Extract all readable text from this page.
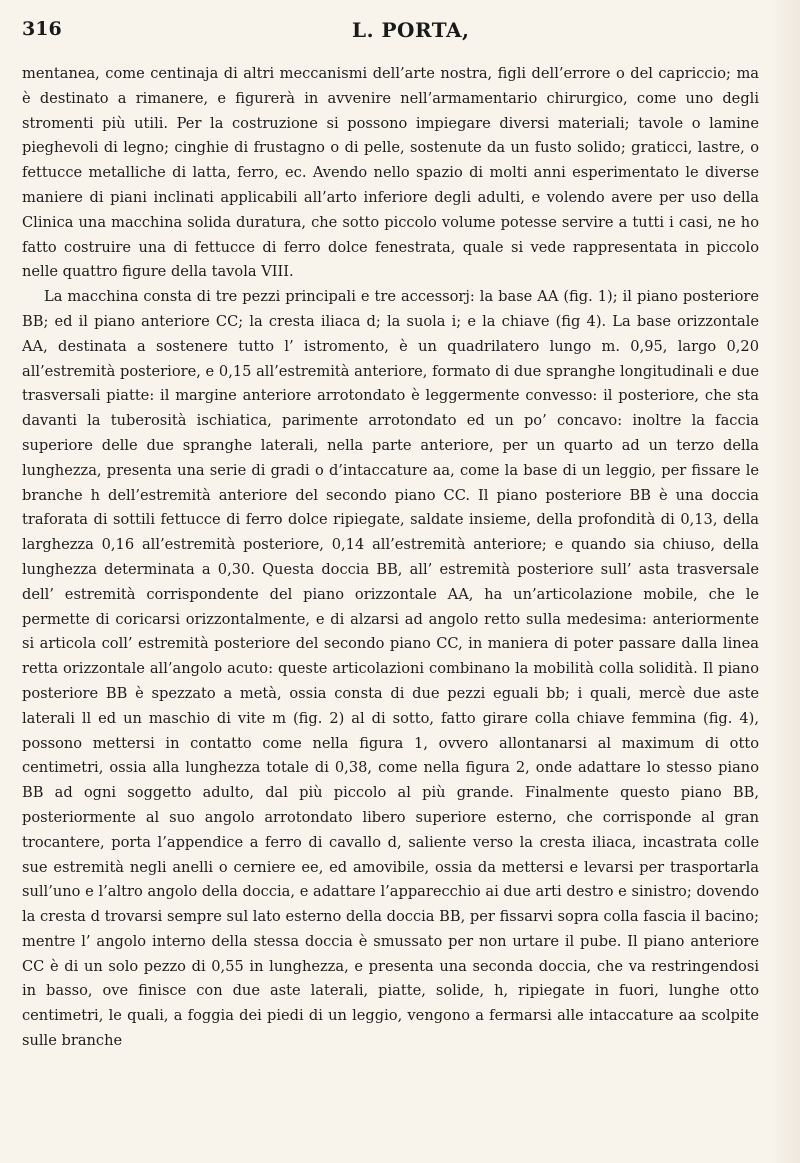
316	L. PORTA,

mentanea, come centinaja di altri meccanismi dell’arte nostra, figli dell’errore o del capriccio; ma è destinato a rimanere, e figurerà in avvenire nell’armamentario chirurgico, come uno degli stromenti più utili. Per la costruzione si possono impiegare diversi materiali; tavole o lamine pieghevoli di legno; cinghie di frustagno o di pelle, sostenute da un fusto solido; graticci, lastre, o fettucce metalliche di latta, ferro, ec. Avendo nello spazio di molti anni esperimentato le diverse maniere di piani inclinati applicabili all’arto inferiore degli adulti, e volendo avere per uso della Clinica una macchina solida duratura, che sotto piccolo volume potesse servire a tutti i casi, ne ho fatto costruire una di fettucce di ferro dolce fenestrata, quale si vede rappresentata in piccolo nelle quattro figure della tavola VIII.

La macchina consta di tre pezzi principali e tre accessorj: la base AA (fig. 1); il piano posteriore BB; ed il piano anteriore CC; la cresta iliaca d; la suola i; e la chiave (fig 4). La base orizzontale AA, destinata a sostenere tutto l’ istromento, è un quadrilatero lungo m. 0,95, largo 0,20 all’estremità posteriore, e 0,15 all’estremità anteriore, formato di due spranghe longitudinali e due trasversali piatte: il margine anteriore arrotondato è leggermente convesso: il posteriore, che sta davanti la tuberosità ischiatica, parimente arrotondato ed un po’ concavo: inoltre la faccia superiore delle due spranghe laterali, nella parte anteriore, per un quarto ad un terzo della lunghezza, presenta una serie di gradi o d’intaccature aa, come la base di un leggio, per fissare le branche h dell’estremità anteriore del secondo piano CC. Il piano posteriore BB è una doccia traforata di sottili fettucce di ferro dolce ripiegate, saldate insieme, della profondità di 0,13, della larghezza 0,16 all’estremità posteriore, 0,14 all’estremità anteriore; e quando sia chiuso, della lunghezza determinata a 0,30. Questa doccia BB, all’ estremità posteriore sull’ asta trasversale dell’ estremità corrispondente del piano orizzontale AA, ha un’articolazione mobile, che le permette di coricarsi orizzontalmente, e di alzarsi ad angolo retto sulla medesima: anteriormente si articola coll’ estremità posteriore del secondo piano CC, in maniera di poter passare dalla linea retta orizzontale all’angolo acuto: queste articolazioni combinano la mobilità colla solidità. Il piano posteriore BB è spezzato a metà, ossia consta di due pezzi eguali bb; i quali, mercè due aste laterali ll ed un maschio di vite m (fig. 2) al di sotto, fatto girare colla chiave femmina (fig. 4), possono mettersi in contatto come nella figura 1, ovvero allontanarsi al maximum di otto centimetri, ossia alla lunghezza totale di 0,38, come nella figura 2, onde adattare lo stesso piano BB ad ogni soggetto adulto, dal più piccolo al più grande. Finalmente questo piano BB, posteriormente al suo angolo arrotondato libero superiore esterno, che corrisponde al gran trocantere, porta l’appendice a ferro di cavallo d, saliente verso la cresta iliaca, incastrata colle sue estremità negli anelli o cerniere ee, ed amovibile, ossia da mettersi e levarsi per trasportarla sull’uno e l’altro angolo della doccia, e adattare l’apparecchio ai due arti destro e sinistro; dovendo la cresta d trovarsi sempre sul lato esterno della doccia BB, per fissarvi sopra colla fascia il bacino; mentre l’ angolo interno della stessa doccia è smussato per non urtare il pube. Il piano anteriore CC è di un solo pezzo di 0,55 in lunghezza, e presenta una seconda doccia, che va restringendosi in basso, ove finisce con due aste laterali, piatte, solide, h, ripiegate in fuori, lunghe otto centimetri, le quali, a foggia dei piedi di un leggio, vengono a fermarsi alle intaccature aa scolpite sulle branche
